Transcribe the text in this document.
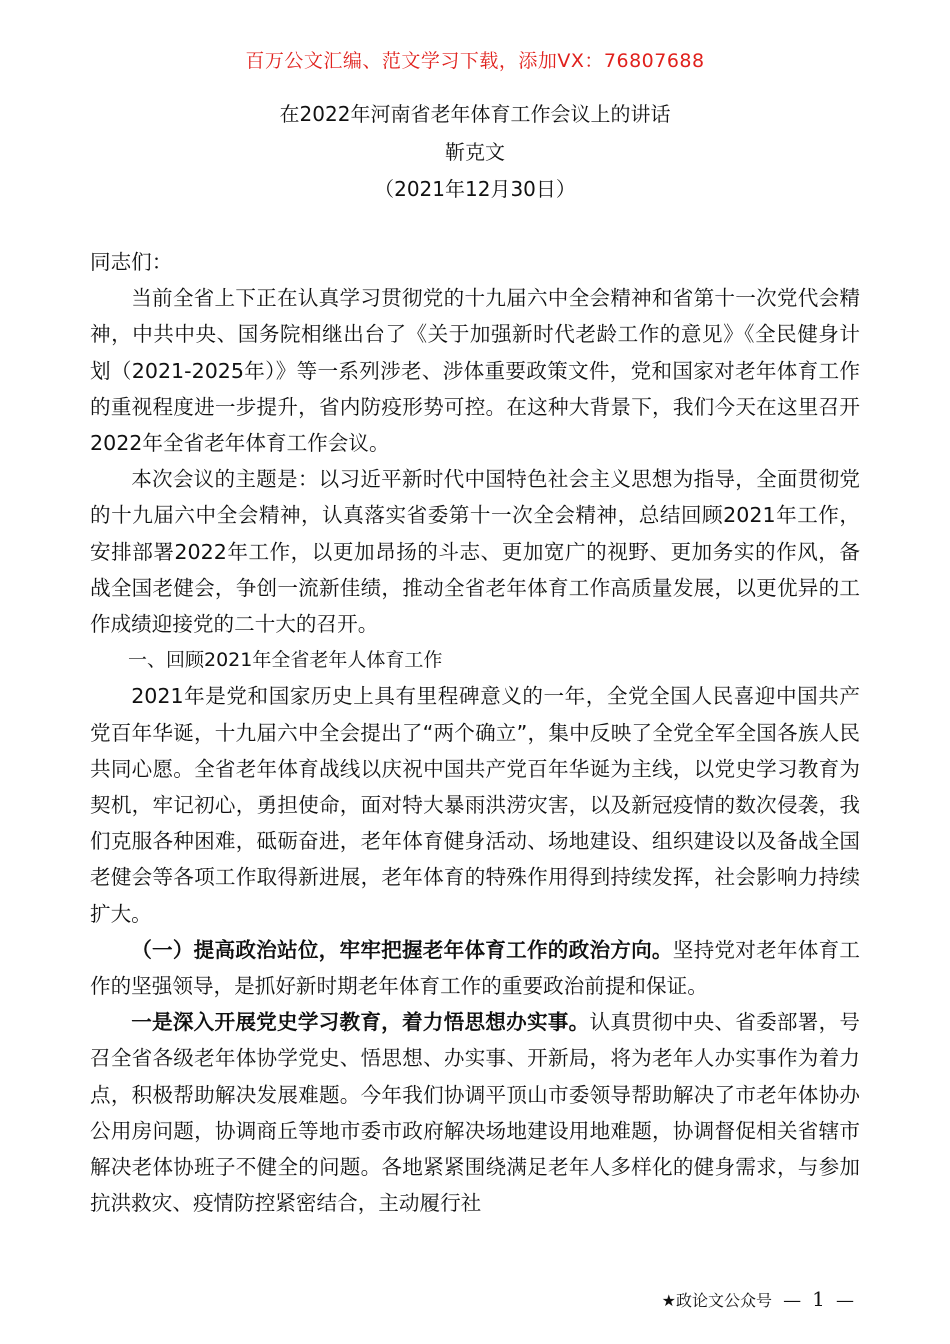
百万公文汇编、范文学习下载，添加VX：76807688
在2022年河南省老年体育工作会议上的讲话
靳克文
（2021年12月30日）

同志们：

当前全省上下正在认真学习贯彻党的十九届六中全会精神和省第十一次党代会精神，中共中央、国务院相继出台了《关于加强新时代老龄工作的意见》《全民健身计划（2021-2025年）》等一系列涉老、涉体重要政策文件，党和国家对老年体育工作的重视程度进一步提升，省内防疫形势可控。在这种大背景下，我们今天在这里召开2022年全省老年体育工作会议。

本次会议的主题是：以习近平新时代中国特色社会主义思想为指导，全面贯彻党的十九届六中全会精神，认真落实省委第十一次全会精神，总结回顾2021年工作，安排部署2022年工作，以更加昂扬的斗志、更加宽广的视野、更加务实的作风，备战全国老健会，争创一流新佳绩，推动全省老年体育工作高质量发展，以更优异的工作成绩迎接党的二十大的召开。

一、回顾2021年全省老年人体育工作

2021年是党和国家历史上具有里程碑意义的一年，全党全国人民喜迎中国共产党百年华诞，十九届六中全会提出了“两个确立”，集中反映了全党全军全国各族人民共同心愿。全省老年体育战线以庆祝中国共产党百年华诞为主线，以党史学习教育为契机，牢记初心，勇担使命，面对特大暴雨洪涝灾害，以及新冠疫情的数次侵袭，我们克服各种困难，砥砺奋进，老年体育健身活动、场地建设、组织建设以及备战全国老健会等各项工作取得新进展，老年体育的特殊作用得到持续发挥，社会影响力持续扩大。

（一）提高政治站位，牢牢把握老年体育工作的政治方向。坚持党对老年体育工作的坚强领导，是抓好新时期老年体育工作的重要政治前提和保证。

一是深入开展党史学习教育，着力悟思想办实事。认真贯彻中央、省委部署，号召全省各级老年体协学党史、悟思想、办实事、开新局，将为老年人办实事作为着力点，积极帮助解决发展难题。今年我们协调平顶山市委领导帮助解决了市老年体协办公用房问题，协调商丘等地市委市政府解决场地建设用地难题，协调督促相关省辖市解决老体协班子不健全的问题。各地紧紧围绕满足老年人多样化的健身需求，与参加抗洪救灾、疫情防控紧密结合，主动履行社

★政论文公众号 — 1 —
